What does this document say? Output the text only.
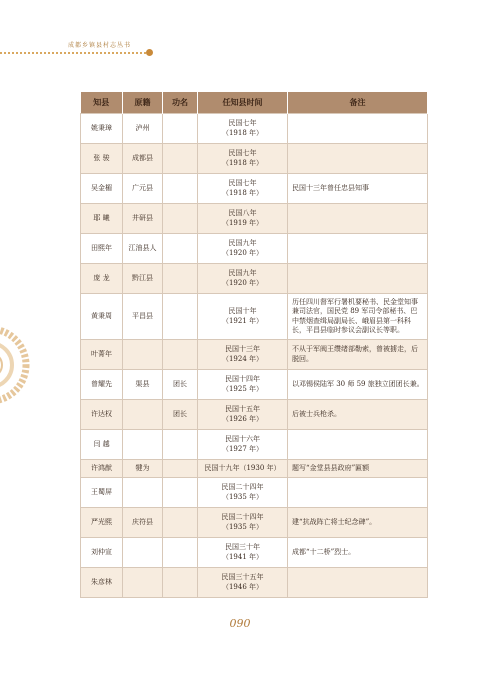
成都乡镇县村志丛书
知县	原籍	功名	任知县时间	备注
姚秉璋	泸州		民国七年
（1918 年）	

张 骏	成都县		民国七年
（1918 年）	

吴金楣	广元县		民国七年
（1918 年）	民国十三年曾任忠县知事
耶 曦	井研县		民国八年
（1919 年）	

田熙年	江油县人		民国九年
（1920 年）	

庞 龙	黔江县		民国九年
（1920 年）	

黄秉周	平昌县		民国十年
（1921 年）	历任四川督军行署机要秘书、民金堂知事兼司法官，国民党 89 军司令部秘书、巴中禁烟查缉局副局长、峨眉县第一科科长，平昌县临时参议会副议长等职。
叶菁年			民国十三年
（1924 年）	不从于军阀王缵绪部勒索，曾被掳走，后脱回。
曾耀先	渠县	团长	民国十四年
（1925 年）	以邓锡侯陆军 30 师 59 旅独立团团长兼。
许达权		团长	民国十五年
（1926 年）	后被士兵枪杀。
闫 越			民国十六年
（1927 年）	

许鸿猷	犍为		民国十九年（1930 年）	题写“金堂县县政府”匾额
王蜀屏			民国二十四年
（1935 年）	

严光熙	庆符县		民国二十四年
（1935 年）	建“抗战阵亡将士纪念碑”。
刘仲宣			民国三十年
（1941 年）	成都“十二桥”烈士。
朱彦林			民国三十五年
（1946 年）	

090
